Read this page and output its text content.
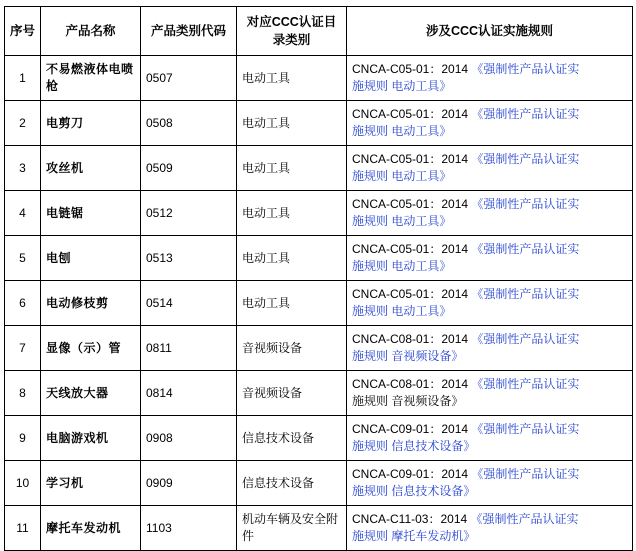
序号	产品名称	产品类别代码	对应CCC认证目录类别	涉及CCC认证实施规则
1	不易燃液体电喷枪	0507	电动工具	CNCA-C05-01：2014 《强制性产品认证实
施规则 电动工具》

2	电剪刀	0508	电动工具	CNCA-C05-01：2014 《强制性产品认证实
施规则 电动工具》

3	攻丝机	0509	电动工具	CNCA-C05-01：2014 《强制性产品认证实
施规则 电动工具》

4	电链锯	0512	电动工具	CNCA-C05-01：2014 《强制性产品认证实
施规则 电动工具》

5	电刨	0513	电动工具	CNCA-C05-01：2014 《强制性产品认证实
施规则 电动工具》

6	电动修枝剪	0514	电动工具	CNCA-C05-01：2014 《强制性产品认证实
施规则 电动工具》

7	显像（示）管	0811	音视频设备	CNCA-C08-01：2014 《强制性产品认证实
施规则 音视频设备》

8	天线放大器	0814	音视频设备	CNCA-C08-01：2014 《强制性产品认证实
施规则 音视频设备》

9	电脑游戏机	0908	信息技术设备	CNCA-C09-01：2014 《强制性产品认证实
施规则 信息技术设备》

10	学习机	0909	信息技术设备	CNCA-C09-01：2014 《强制性产品认证实
施规则 信息技术设备》

11	摩托车发动机	1103	机动车辆及安全附件	CNCA-C11-03：2014 《强制性产品认证实
施规则 摩托车发动机》
